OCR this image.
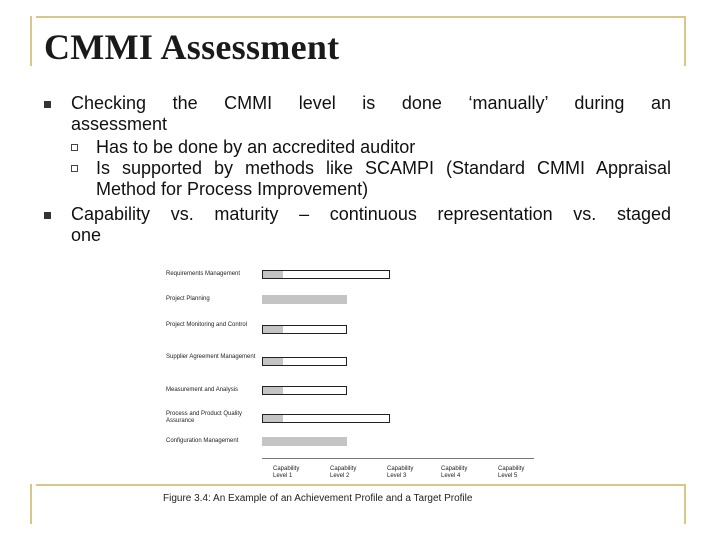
CMMI Assessment
Checking the CMMI level is done ‘manually’ during an
assessment
Has to be done by an accredited auditor
Is supported by methods like SCAMPI (Standard CMMI Appraisal
Method for Process Improvement)
Capability vs. maturity – continuous representation vs. staged
one
Requirements Management
Project Planning
Project Monitoring and Control
Supplier Agreement Management
Measurement and Analysis
Process and Product Quality Assurance
Configuration Management
Capability
Level 1
Capability
Level 2
Capability
Level 3
Capability
Level 4
Capability
Level 5
Figure 3.4: An Example of an Achievement Profile and a Target Profile
